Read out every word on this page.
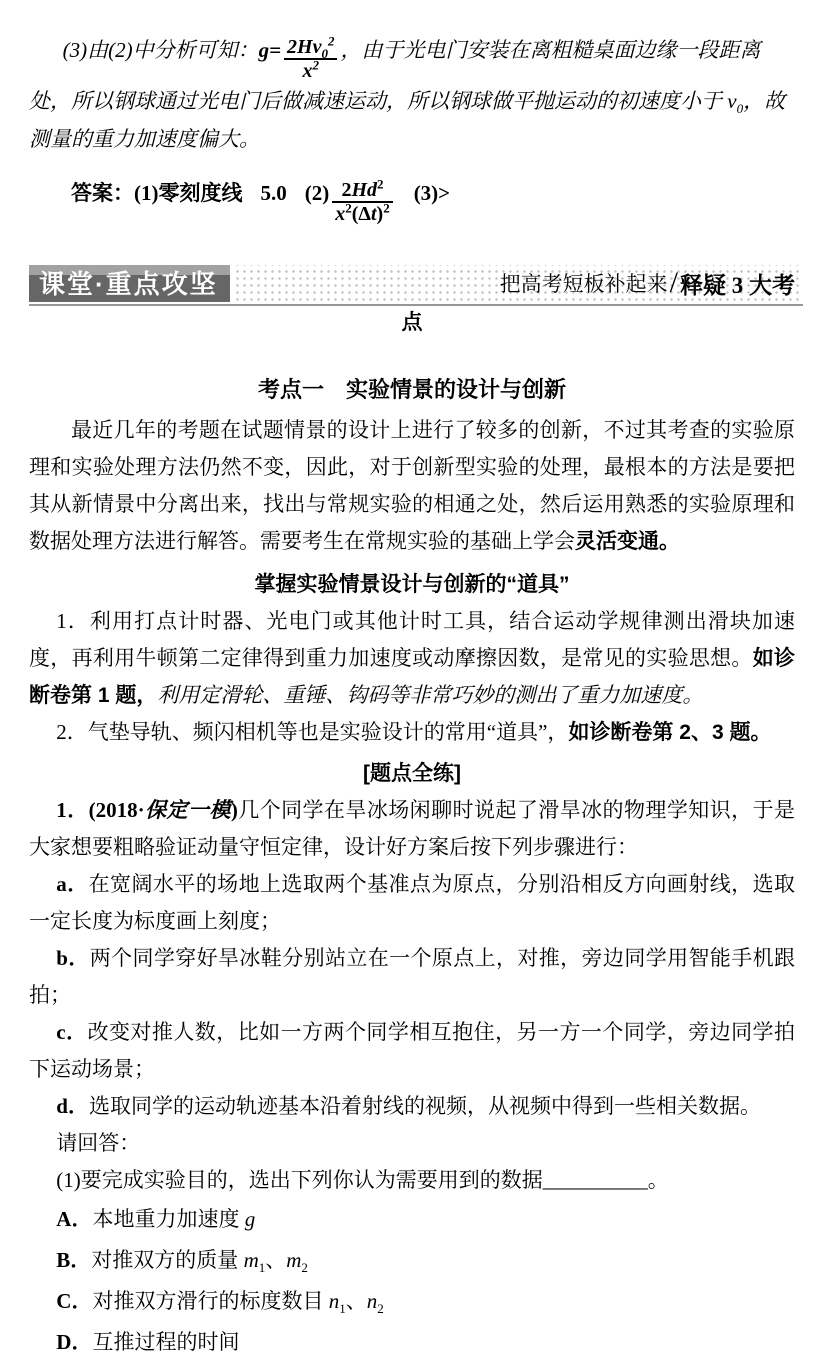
(3)由(2)中分析可知：$g= \frac{2Hv_0^2}{x^2}$ ，由于光电门安装在离粗糙桌面边缘一段距离处，所以钢球通过光电门后做减速运动，所以钢球做平抛运动的初速度小于 $v_0$，故测量的重力加速度偏大。

答案：(1)零刻度线 5.0 $(2) \frac{2Hd^2}{x^2(\Delta t)^2} (3)>$

课堂·重点攻坚	把高考短板补起来 / 释疑 3 大考

点

考点一　实验情景的设计与创新

最近几年的考题在试题情景的设计上进行了较多的创新，不过其考查的实验原理和实验处理方法仍然不变，因此，对于创新型实验的处理，最根本的方法是要把其从新情景中分离出来，找出与常规实验的相通之处，然后运用熟悉的实验原理和数据处理方法进行解答。需要考生在常规实验的基础上学会灵活变通。

掌握实验情景设计与创新的“道具”

1．利用打点计时器、光电门或其他计时工具，结合运动学规律测出滑块加速度，再利用牛顿第二定律得到重力加速度或动摩擦因数，是常见的实验思想。如诊断卷第 1 题，利用定滑轮、重锤、钩码等非常巧妙的测出了重力加速度。

2．气垫导轨、频闪相机等也是实验设计的常用“道具”，如诊断卷第 2、3 题。

[题点全练]

1．(2018·保定一模)几个同学在旱冰场闲聊时说起了滑旱冰的物理学知识，于是大家想要粗略验证动量守恒定律，设计好方案后按下列步骤进行：

a．在宽阔水平的场地上选取两个基准点为原点，分别沿相反方向画射线，选取一定长度为标度画上刻度；

b．两个同学穿好旱冰鞋分别站立在一个原点上，对推，旁边同学用智能手机跟拍；

c．改变对推人数，比如一方两个同学相互抱住，另一方一个同学，旁边同学拍下运动场景；

d．选取同学的运动轨迹基本沿着射线的视频，从视频中得到一些相关数据。

请回答：

(1)要完成实验目的，选出下列你认为需要用到的数据__________。

A．本地重力加速度 g

B．对推双方的质量 $m_1$、$m_2$

C．对推双方滑行的标度数目 $n_1$、$n_2$

D．互推过程的时间
